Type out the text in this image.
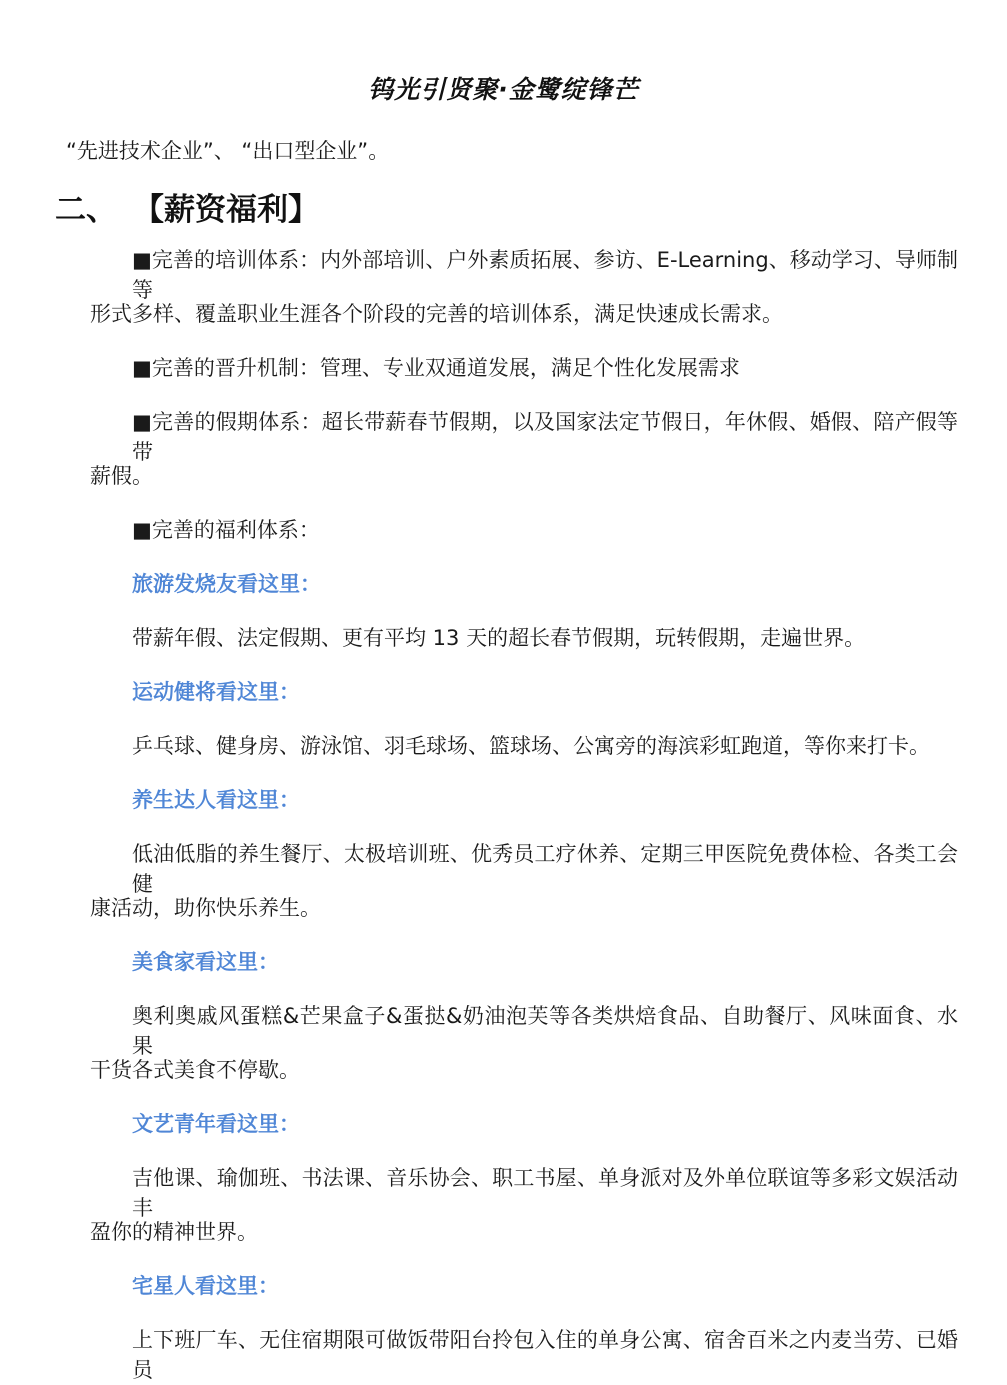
钨光引贤聚·金鹭绽锋芒
“先进技术企业”、 “出口型企业”。
二、 【薪资福利】
■完善的培训体系：内外部培训、户外素质拓展、参访、E-Learning、移动学习、导师制等
形式多样、覆盖职业生涯各个阶段的完善的培训体系，满足快速成长需求。
■完善的晋升机制：管理、专业双通道发展，满足个性化发展需求
■完善的假期体系：超长带薪春节假期，以及国家法定节假日，年休假、婚假、陪产假等带
薪假。
■完善的福利体系：
旅游发烧友看这里：
带薪年假、法定假期、更有平均 13 天的超长春节假期，玩转假期，走遍世界。
运动健将看这里：
乒乓球、健身房、游泳馆、羽毛球场、篮球场、公寓旁的海滨彩虹跑道，等你来打卡。
养生达人看这里：
低油低脂的养生餐厅、太极培训班、优秀员工疗休养、定期三甲医院免费体检、各类工会健
康活动，助你快乐养生。
美食家看这里：
奥利奥戚风蛋糕&芒果盒子&蛋挞&奶油泡芙等各类烘焙食品、自助餐厅、风味面食、水果
干货各式美食不停歇。
文艺青年看这里：
吉他课、瑜伽班、书法课、音乐协会、职工书屋、单身派对及外单位联谊等多彩文娱活动丰
盈你的精神世界。
宅星人看这里：
上下班厂车、无住宿期限可做饭带阳台拎包入住的单身公寓、宿舍百米之内麦当劳、已婚员
